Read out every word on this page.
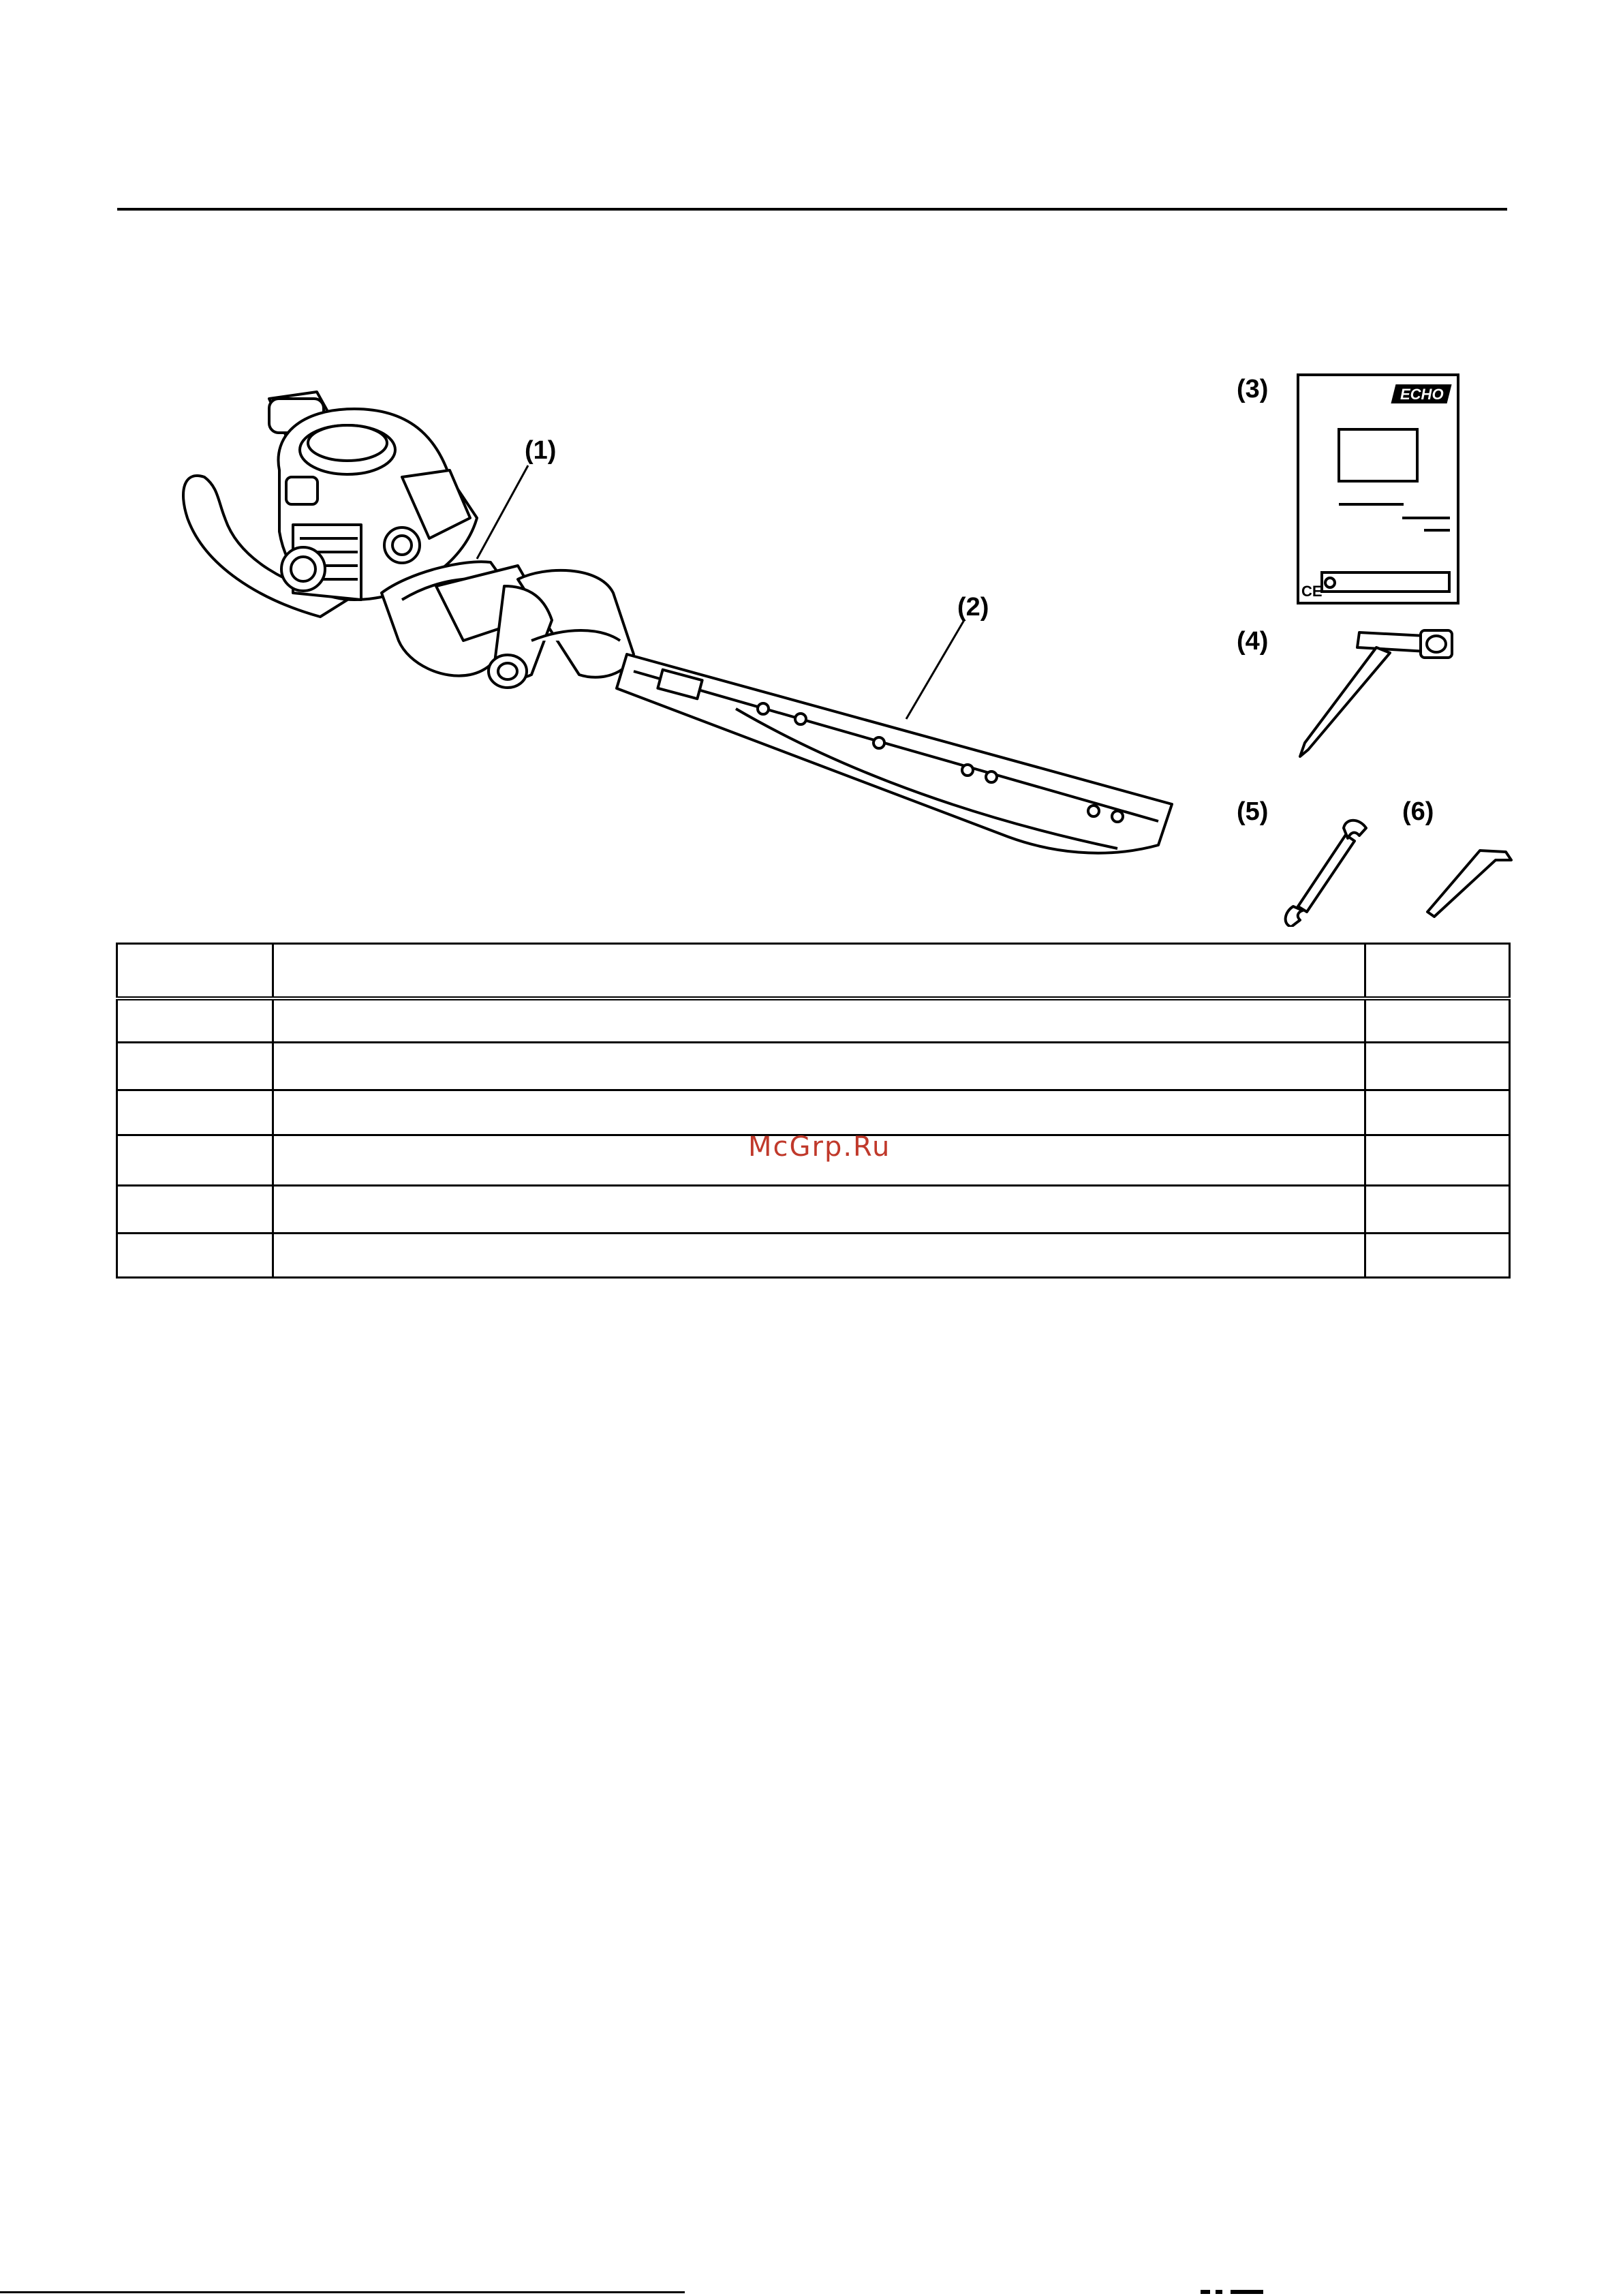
ECHO
CE
(1)
(2)
(3)
(4)
(5)	(6)

McGrp.Ru
